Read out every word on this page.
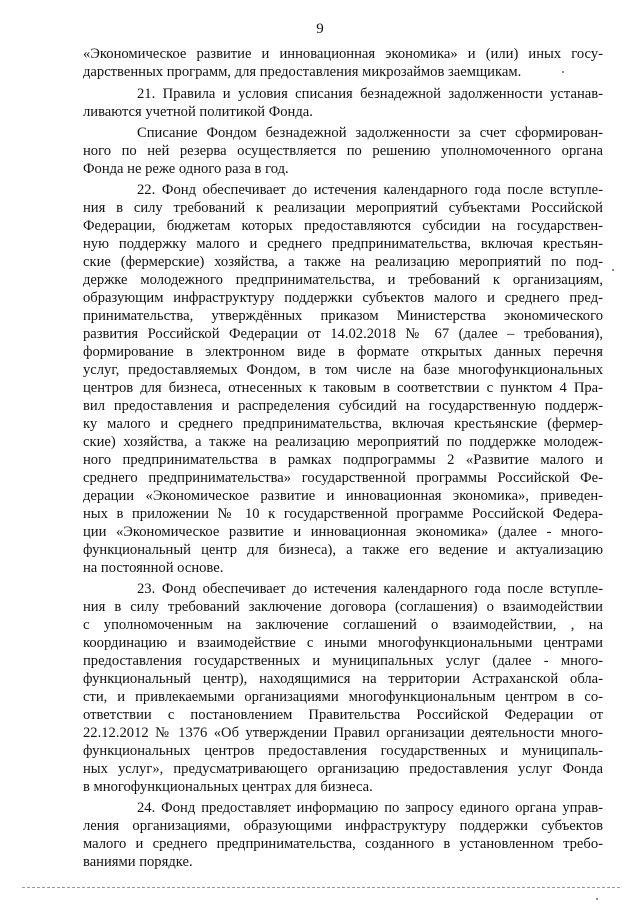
9
«Экономическое развитие и инновационная экономика» и (или) иных госу-
дарственных программ, для предоставления микрозаймов заемщикам.
21. Правила и условия списания безнадежной задолженности устанав-
ливаются учетной политикой Фонда.
Списание Фондом безнадежной задолженности за счет сформирован-
ного по ней резерва осуществляется по решению уполномоченного органа
Фонда не реже одного раза в год.
22. Фонд обеспечивает до истечения календарного года после вступле-
ния в силу требований к реализации мероприятий субъектами Российской
Федерации, бюджетам которых предоставляются субсидии на государствен-
ную поддержку малого и среднего предпринимательства, включая крестьян-
ские (фермерские) хозяйства, а также на реализацию мероприятий по под-
держке молодежного предпринимательства, и требований к организациям,
образующим инфраструктуру поддержки субъектов малого и среднего пред-
принимательства, утверждённых приказом Министерства экономического
развития Российской Федерации от 14.02.2018 № 67 (далее – требования),
формирование в электронном виде в формате открытых данных перечня
услуг, предоставляемых Фондом, в том числе на базе многофункциональных
центров для бизнеса, отнесенных к таковым в соответствии с пунктом 4 Пра-
вил предоставления и распределения субсидий на государственную поддерж-
ку малого и среднего предпринимательства, включая крестьянские (фермер-
ские) хозяйства, а также на реализацию мероприятий по поддержке молодеж-
ного предпринимательства в рамках подпрограммы 2 «Развитие малого и
среднего предпринимательства» государственной программы Российской Фе-
дерации «Экономическое развитие и инновационная экономика», приведен-
ных в приложении № 10 к государственной программе Российской Федера-
ции «Экономическое развитие и инновационная экономика» (далее - много-
функциональный центр для бизнеса), а также его ведение и актуализацию
на постоянной основе.
23. Фонд обеспечивает до истечения календарного года после вступле-
ния в силу требований заключение договора (соглашения) о взаимодействии
с уполномоченным на заключение соглашений о взаимодействии, , на
координацию и взаимодействие с иными многофункциональными центрами
предоставления государственных и муниципальных услуг (далее - много-
функциональный центр), находящимися на территории Астраханской обла-
сти, и привлекаемыми организациями многофункциональным центром в со-
ответствии с постановлением Правительства Российской Федерации от
22.12.2012 № 1376 «Об утверждении Правил организации деятельности много-
функциональных центров предоставления государственных и муниципаль-
ных услуг», предусматривающего организацию предоставления услуг Фонда
в многофункциональных центрах для бизнеса.
24. Фонд предоставляет информацию по запросу единого органа управ-
ления организациями, образующими инфраструктуру поддержки субъектов
малого и среднего предпринимательства, созданного в установленном требо-
ваниями порядке.
